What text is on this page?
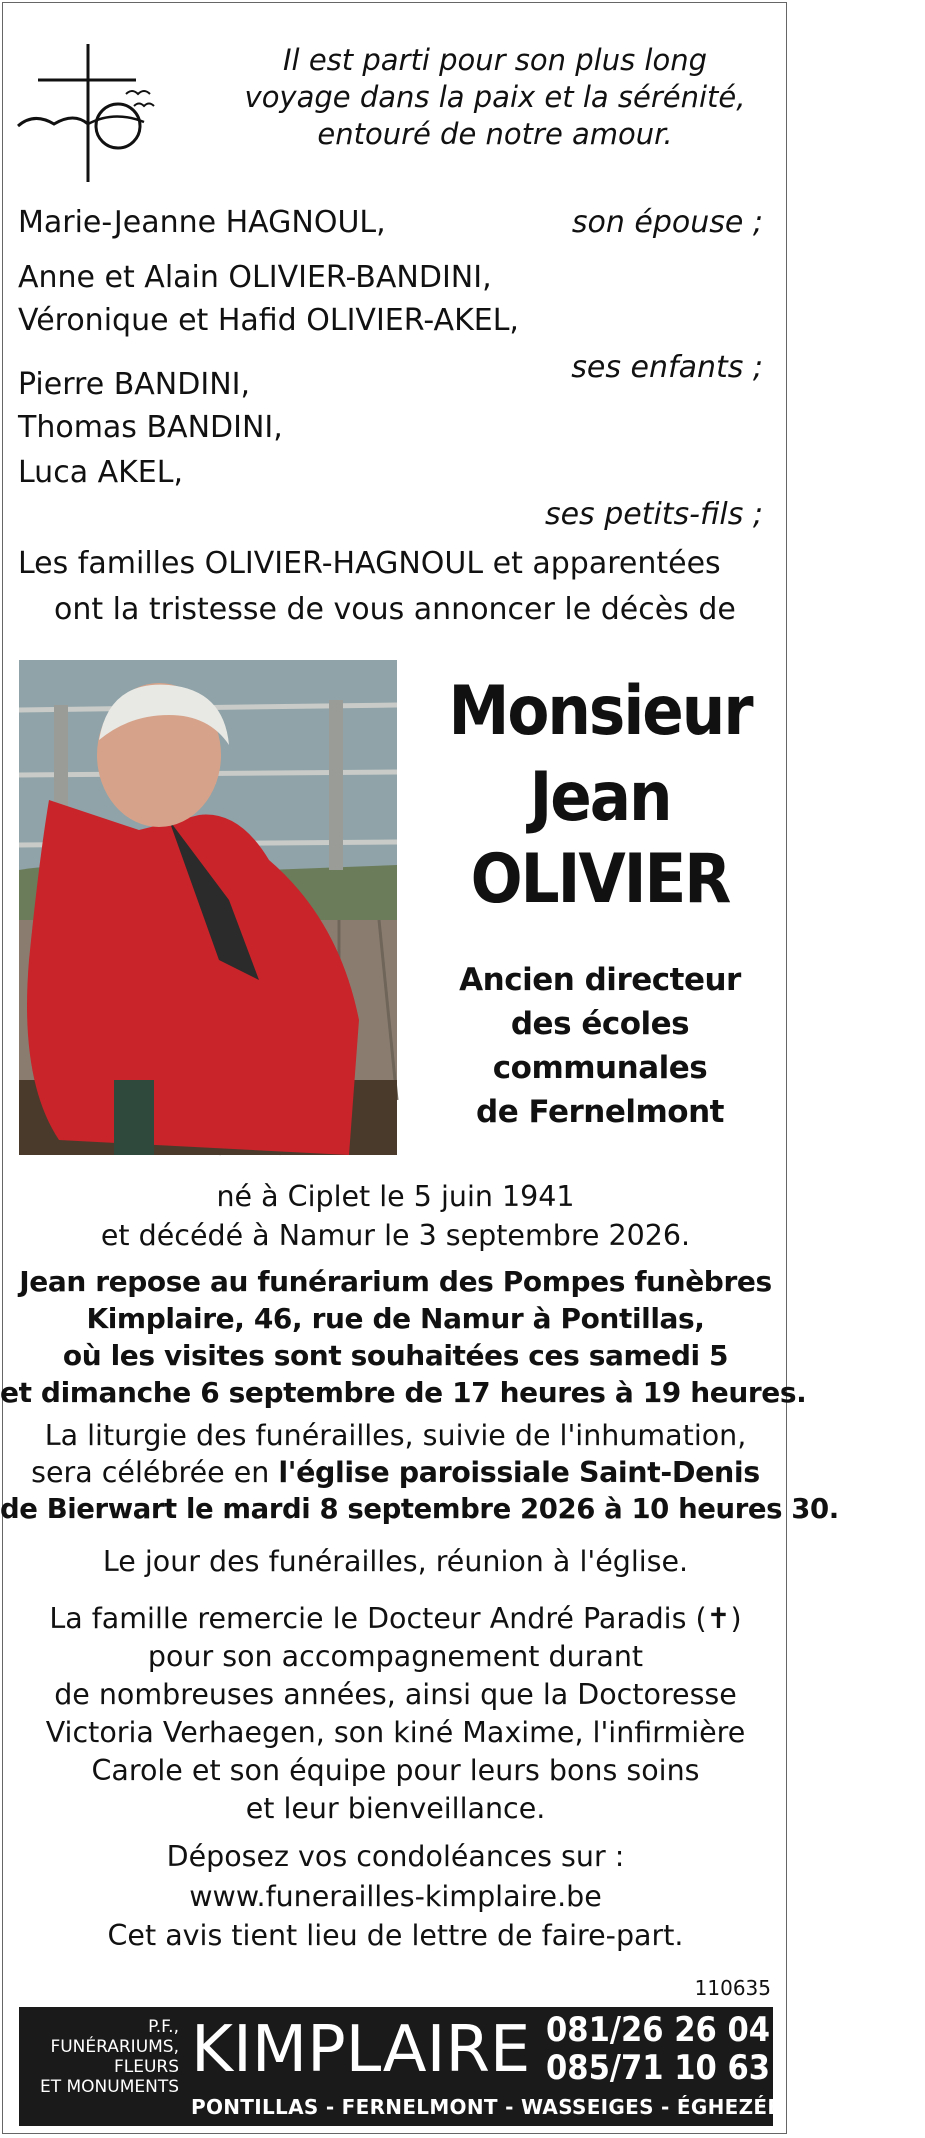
Il est parti pour son plus long
voyage dans la paix et la sérénité,
entouré de notre amour.
Marie-Jeanne HAGNOUL,	son épouse ;
Anne et Alain OLIVIER-BANDINI,
Véronique et Hafid OLIVIER-AKEL,
ses enfants ;
Pierre BANDINI,
Thomas BANDINI,
Luca AKEL,
ses petits-fils ;
Les familles OLIVIER-HAGNOUL et apparentées
ont la tristesse de vous annoncer le décès de
Monsieur
Jean
OLIVIER
Ancien directeur
des écoles
communales
de Fernelmont
né à Ciplet le 5 juin 1941
et décédé à Namur le 3 septembre 2026.
Jean repose au funérarium des Pompes funèbres
Kimplaire, 46, rue de Namur à Pontillas,
où les visites sont souhaitées ces samedi 5
et dimanche 6 septembre de 17 heures à 19 heures.
La liturgie des funérailles, suivie de l'inhumation,
sera célébrée en l'église paroissiale Saint-Denis
de Bierwart le mardi 8 septembre 2026 à 10 heures 30.
Le jour des funérailles, réunion à l'église.
La famille remercie le Docteur André Paradis (✝)
pour son accompagnement durant
de nombreuses années, ainsi que la Doctoresse
Victoria Verhaegen, son kiné Maxime, l'infirmière
Carole et son équipe pour leurs bons soins
et leur bienveillance.
Déposez vos condoléances sur :
www.funerailles-kimplaire.be
Cet avis tient lieu de lettre de faire-part.
110635
P.F.,
FUNÉRARIUMS,
FLEURS
ET MONUMENTS KIMPLAIRE 081/26 26 04
085/71 10 63
PONTILLAS - FERNELMONT - WASSEIGES - ÉGHEZÉE - BURDINNE
